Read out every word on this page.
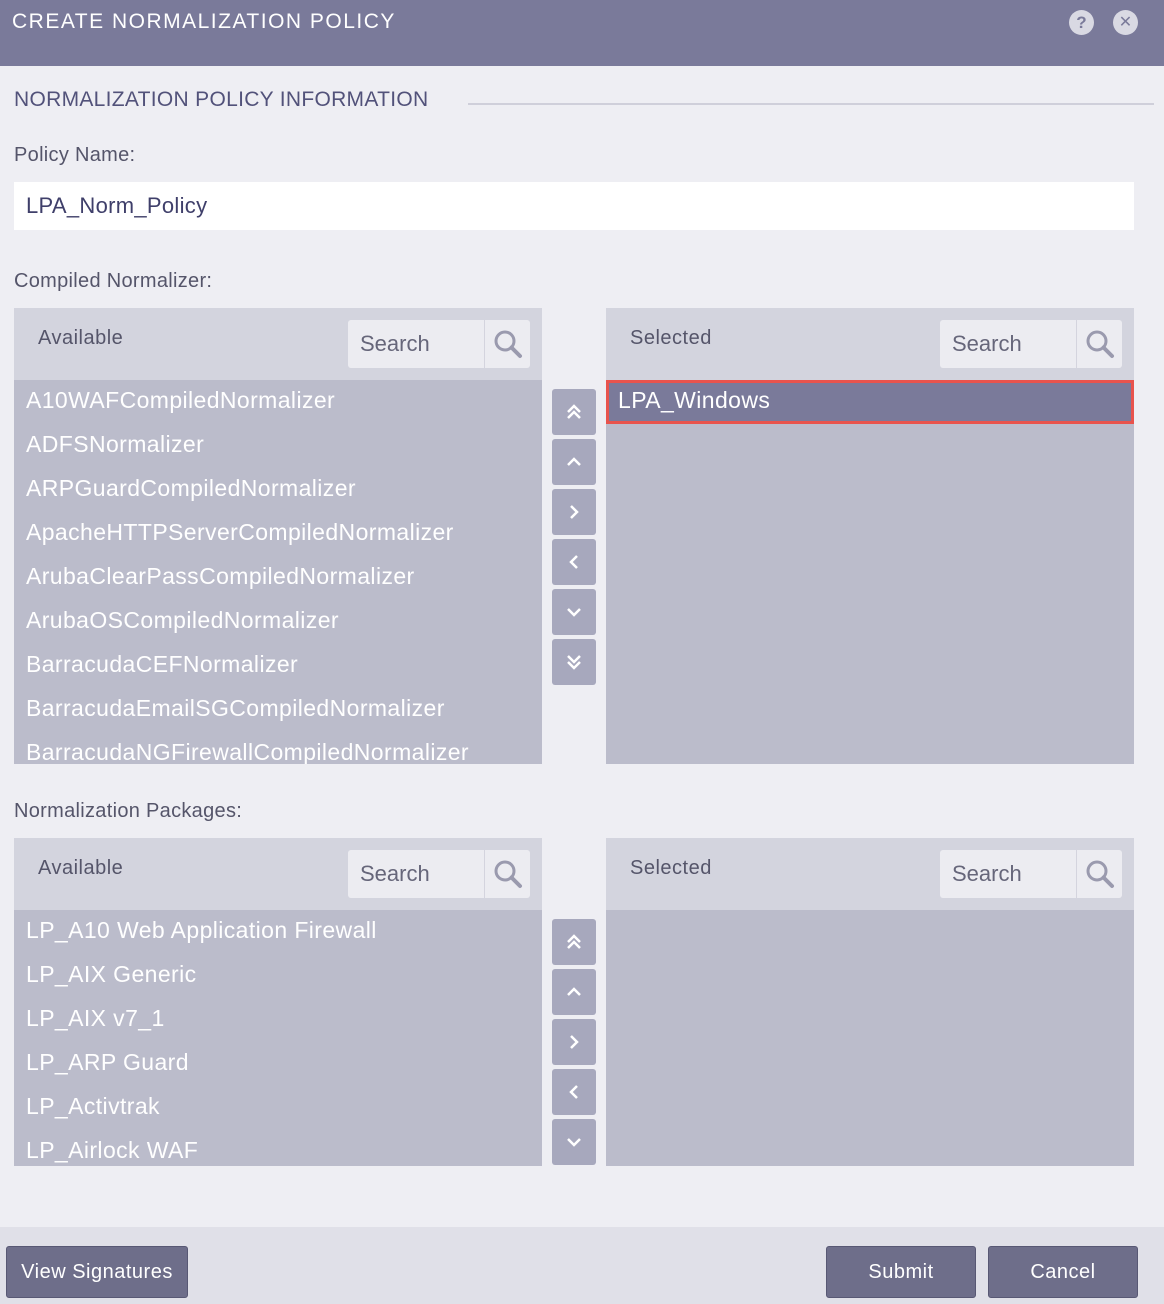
CREATE NORMALIZATION POLICY	?	✕
NORMALIZATION POLICY INFORMATION
Policy Name:
LPA_Norm_Policy
Compiled Normalizer:
Available
Search
A10WAFCompiledNormalizer
ADFSNormalizer
ARPGuardCompiledNormalizer
ApacheHTTPServerCompiledNormalizer
ArubaClearPassCompiledNormalizer
ArubaOSCompiledNormalizer
BarracudaCEFNormalizer
BarracudaEmailSGCompiledNormalizer
BarracudaNGFirewallCompiledNormalizer
Selected
Search
LPA_Windows
Normalization Packages:
Available
Search
LP_A10 Web Application Firewall
LP_AIX Generic
LP_AIX v7_1
LP_ARP Guard
LP_Activtrak
LP_Airlock WAF
Selected
Search
View Signatures	Submit	Cancel
